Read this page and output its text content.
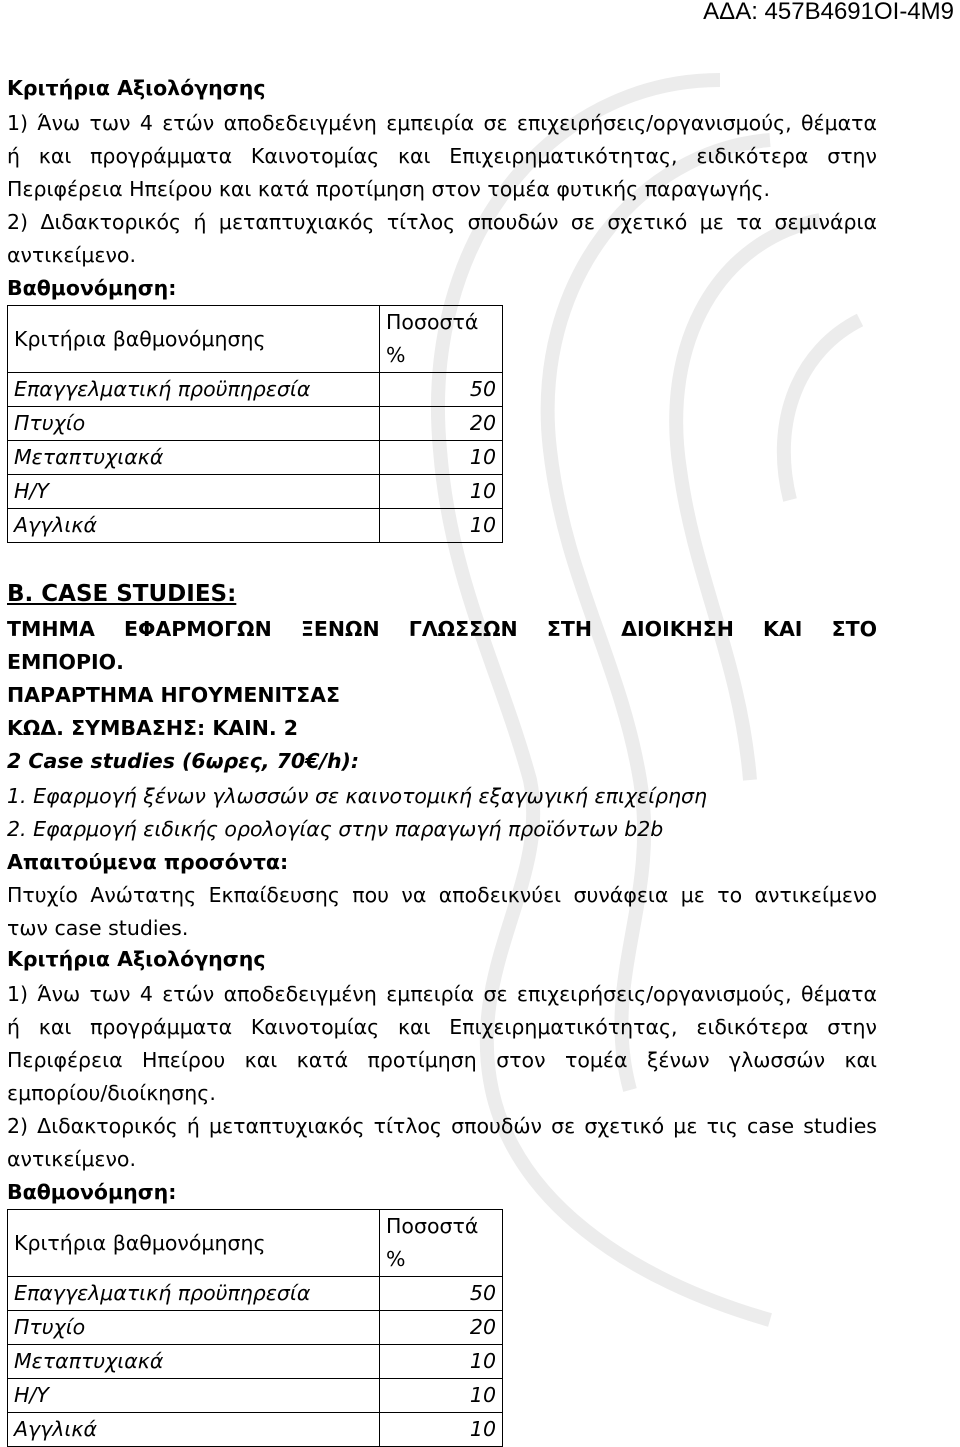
ΑΔΑ: 457Β4691ΟΙ-4Μ9
Κριτήρια Αξιολόγησης
1) Άνω των 4 ετών αποδεδειγμένη εμπειρία σε επιχειρήσεις/οργανισμούς, θέματα
ή και προγράμματα Καινοτομίας και Επιχειρηματικότητας, ειδικότερα στην
Περιφέρεια Ηπείρου και κατά προτίμηση στον τομέα φυτικής παραγωγής.
2) Διδακτορικός ή μεταπτυχιακός τίτλος σπουδών σε σχετικό με τα σεμινάρια
αντικείμενο.
Βαθμονόμηση:
Κριτήρια βαθμονόμησης	Ποσοστά %
Επαγγελματική προϋπηρεσία	50
Πτυχίο	20
Μεταπτυχιακά	10
Η/Υ	10
Αγγλικά	10
Β. CASE STUDIES:
ΤΜΗΜΑ ΕΦΑΡΜΟΓΩΝ ΞΕΝΩΝ ΓΛΩΣΣΩΝ ΣΤΗ ΔΙΟΙΚΗΣΗ ΚΑΙ ΣΤΟ
ΕΜΠΟΡΙΟ.
ΠΑΡΑΡΤΗΜΑ ΗΓΟΥΜΕΝΙΤΣΑΣ
ΚΩΔ. ΣΥΜΒΑΣΗΣ: ΚΑΙΝ. 2
2 Case studies (6ωρες, 70€/h):
1. Εφαρμογή ξένων γλωσσών σε καινοτομική εξαγωγική επιχείρηση
2. Εφαρμογή ειδικής ορολογίας στην παραγωγή προϊόντων b2b
Απαιτούμενα προσόντα:
Πτυχίο Ανώτατης Εκπαίδευσης που να αποδεικνύει συνάφεια με το αντικείμενο
των case studies.
Κριτήρια Αξιολόγησης
1) Άνω των 4 ετών αποδεδειγμένη εμπειρία σε επιχειρήσεις/οργανισμούς, θέματα
ή και προγράμματα Καινοτομίας και Επιχειρηματικότητας, ειδικότερα στην
Περιφέρεια Ηπείρου και κατά προτίμηση στον τομέα ξένων γλωσσών και
εμπορίου/διοίκησης.
2) Διδακτορικός ή μεταπτυχιακός τίτλος σπουδών σε σχετικό με τις case studies
αντικείμενο.
Βαθμονόμηση:
Κριτήρια βαθμονόμησης	Ποσοστά %
Επαγγελματική προϋπηρεσία	50
Πτυχίο	20
Μεταπτυχιακά	10
Η/Υ	10
Αγγλικά	10
